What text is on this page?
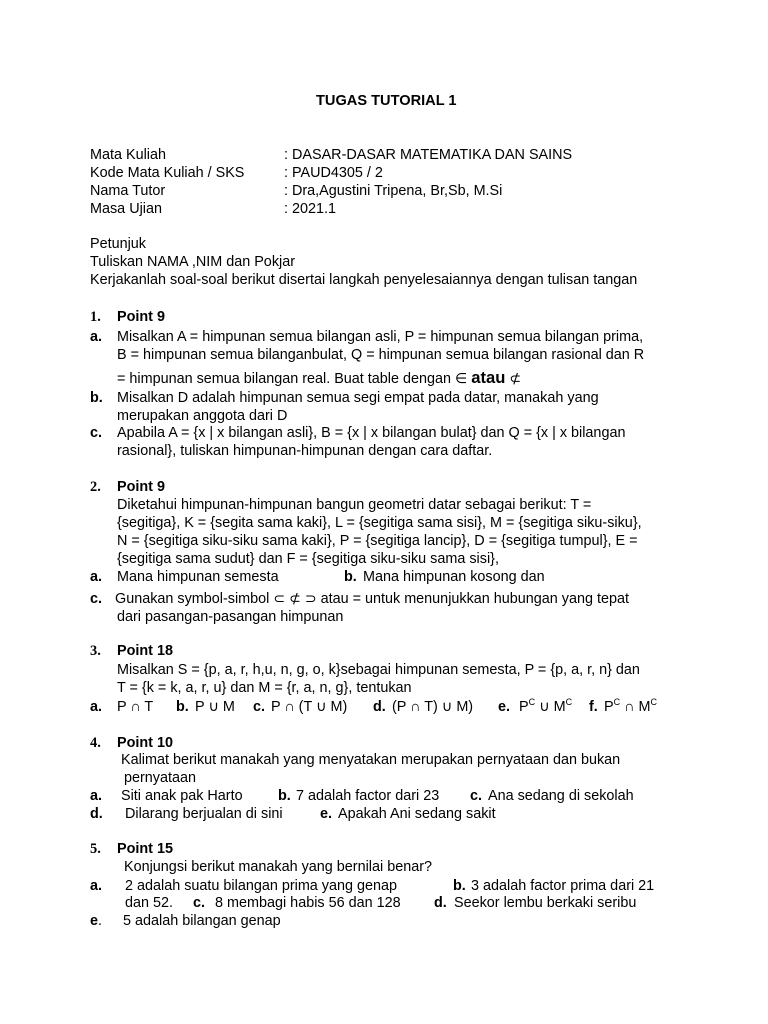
TUGAS TUTORIAL 1
Mata Kuliah	: DASAR-DASAR MATEMATIKA DAN SAINS
Kode Mata Kuliah / SKS	: PAUD4305 / 2
Nama Tutor	: Dra,Agustini Tripena, Br,Sb, M.Si
Masa Ujian	: 2021.1
Petunjuk
Tuliskan NAMA ,NIM dan Pokjar
Kerjakanlah soal-soal berikut disertai langkah penyelesaiannya dengan tulisan tangan
1. Point 9
a. Misalkan A = himpunan semua bilangan asli, P = himpunan semua bilangan prima,
B = himpunan semua bilanganbulat, Q = himpunan semua bilangan rasional dan R
= himpunan semua bilangan real. Buat table dengan ∈ atau ⊄
b. Misalkan D adalah himpunan semua segi empat pada datar, manakah yang
merupakan anggota dari D
c. Apabila A = {x | x bilangan asli}, B = {x | x bilangan bulat} dan Q = {x | x bilangan
rasional}, tuliskan himpunan-himpunan dengan cara daftar.
2. Point 9
Diketahui himpunan-himpunan bangun geometri datar sebagai berikut: T =
{segitiga}, K = {segita sama kaki}, L = {segitiga sama sisi}, M = {segitiga siku-siku},
N = {segitiga siku-siku sama kaki}, P = {segitiga lancip}, D = {segitiga tumpul}, E =
{segitiga sama sudut} dan F = {segitiga siku-siku sama sisi},
a. Mana himpunan semesta	b. Mana himpunan kosong dan
c. Gunakan symbol-simbol ⊂ ⊄ ⊃ atau = untuk menunjukkan hubungan yang tepat
dari pasangan-pasangan himpunan
3. Point 18
Misalkan S = {p, a, r, h,u, n, g, o, k}sebagai himpunan semesta, P = {p, a, r, n} dan
T = {k = k, a, r, u} dan M = {r, a, n, g}, tentukan
a. P ∩ T b. P ∪ M c. P ∩ (T ∪ M) d. (P ∩ T) ∪ M) e. $P^C$ ∪ $M^C$ f. $P^C$ ∩ $M^C$
4. Point 10
Kalimat berikut manakah yang menyatakan merupakan pernyataan dan bukan
pernyataan
a. Siti anak pak Harto b. 7 adalah factor dari 23 c. Ana sedang di sekolah
d. Dilarang berjualan di sini	e. Apakah Ani sedang sakit
5. Point 15
Konjungsi berikut manakah yang bernilai benar?
a. 2 adalah suatu bilangan prima yang genap	b. 3 adalah factor prima dari 21
dan 52. c. 8 membagi habis 56 dan 128 d. Seekor lembu berkaki seribu
e. 5 adalah bilangan genap
